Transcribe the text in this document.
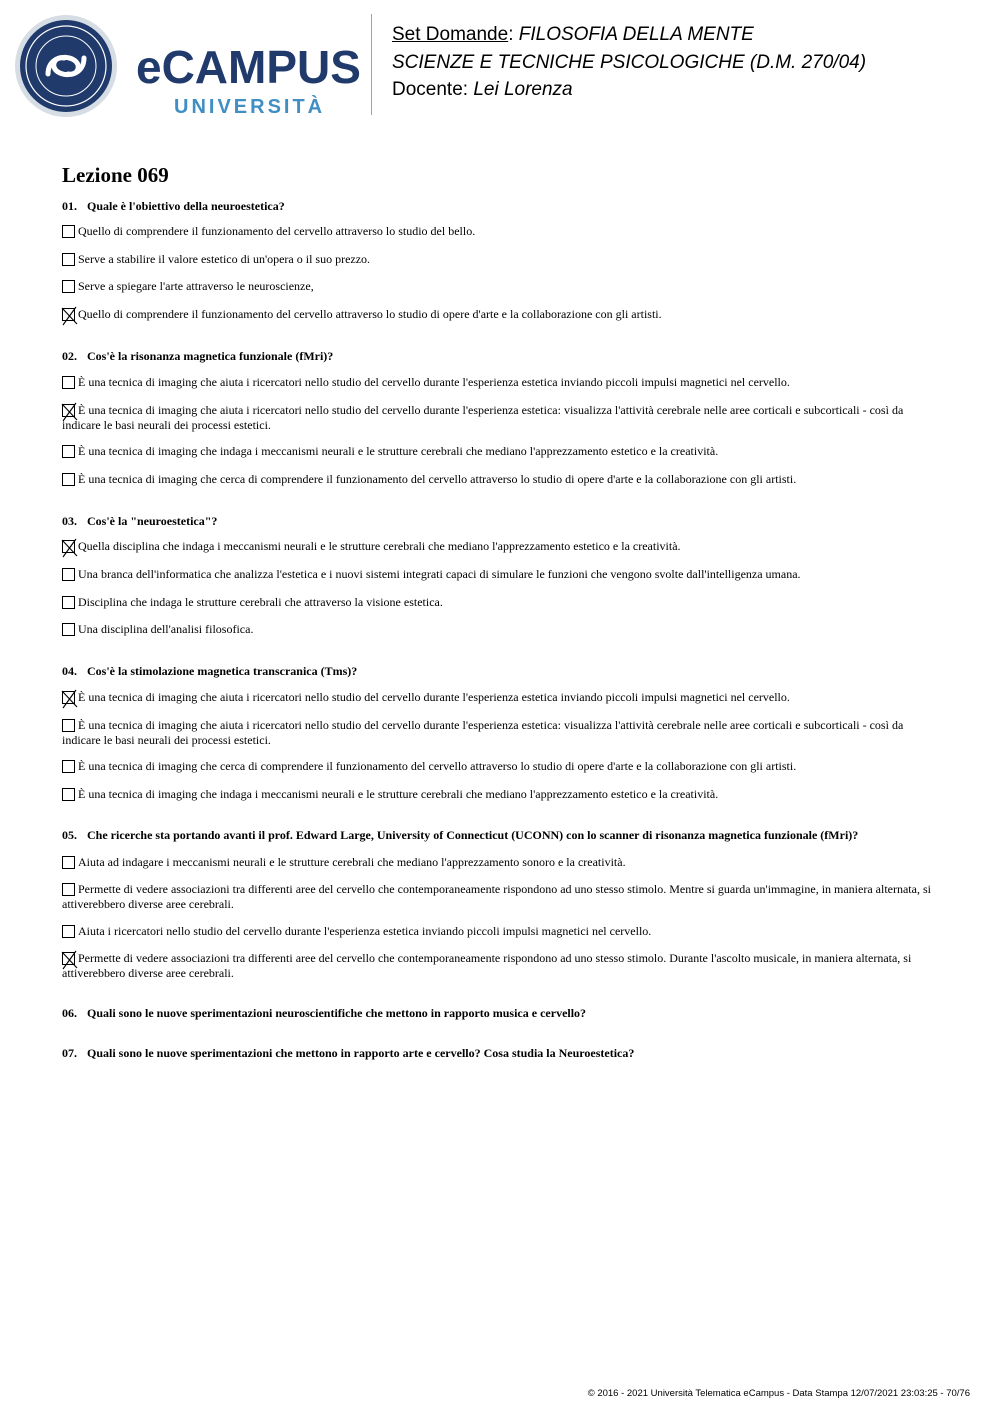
eCAMPUS
UNIVERSITÀ
Set Domande: FILOSOFIA DELLA MENTE
SCIENZE E TECNICHE PSICOLOGICHE (D.M. 270/04)
Docente: Lei Lorenza
Lezione 069
01. Quale è l'obiettivo della neuroestetica?
Quello di comprendere il funzionamento del cervello attraverso lo studio del bello.
Serve a stabilire il valore estetico di un'opera o il suo prezzo.
Serve a spiegare l'arte attraverso le neuroscienze,
Quello di comprendere il funzionamento del cervello attraverso lo studio di opere d'arte e la collaborazione con gli artisti.
02. Cos'è la risonanza magnetica funzionale (fMri)?
È una tecnica di imaging che aiuta i ricercatori nello studio del cervello durante l'esperienza estetica inviando piccoli impulsi magnetici nel cervello.
È una tecnica di imaging che aiuta i ricercatori nello studio del cervello durante l'esperienza estetica: visualizza l'attività cerebrale nelle aree corticali e subcorticali - così da indicare le basi neurali dei processi estetici.
È una tecnica di imaging che indaga i meccanismi neurali e le strutture cerebrali che mediano l'apprezzamento estetico e la creatività.
È una tecnica di imaging che cerca di comprendere il funzionamento del cervello attraverso lo studio di opere d'arte e la collaborazione con gli artisti.
03. Cos'è la "neuroestetica"?
Quella disciplina che indaga i meccanismi neurali e le strutture cerebrali che mediano l'apprezzamento estetico e la creatività.
Una branca dell'informatica che analizza l'estetica e i nuovi sistemi integrati capaci di simulare le funzioni che vengono svolte dall'intelligenza umana.
Disciplina che indaga le strutture cerebrali che attraverso la visione estetica.
Una disciplina dell'analisi filosofica.
04. Cos'è la stimolazione magnetica transcranica (Tms)?
È una tecnica di imaging che aiuta i ricercatori nello studio del cervello durante l'esperienza estetica inviando piccoli impulsi magnetici nel cervello.
È una tecnica di imaging che aiuta i ricercatori nello studio del cervello durante l'esperienza estetica: visualizza l'attività cerebrale nelle aree corticali e subcorticali - così da indicare le basi neurali dei processi estetici.
È una tecnica di imaging che cerca di comprendere il funzionamento del cervello attraverso lo studio di opere d'arte e la collaborazione con gli artisti.
È una tecnica di imaging che indaga i meccanismi neurali e le strutture cerebrali che mediano l'apprezzamento estetico e la creatività.
05. Che ricerche sta portando avanti il prof. Edward Large, University of Connecticut (UCONN) con lo scanner di risonanza magnetica funzionale (fMri)?
Aiuta ad indagare i meccanismi neurali e le strutture cerebrali che mediano l'apprezzamento sonoro e la creatività.
Permette di vedere associazioni tra differenti aree del cervello che contemporaneamente rispondono ad uno stesso stimolo. Mentre si guarda un'immagine, in maniera alternata, si attiverebbero diverse aree cerebrali.
Aiuta i ricercatori nello studio del cervello durante l'esperienza estetica inviando piccoli impulsi magnetici nel cervello.
Permette di vedere associazioni tra differenti aree del cervello che contemporaneamente rispondono ad uno stesso stimolo. Durante l'ascolto musicale, in maniera alternata, si attiverebbero diverse aree cerebrali.
06. Quali sono le nuove sperimentazioni neuroscientifiche che mettono in rapporto musica e cervello?
07. Quali sono le nuove sperimentazioni che mettono in rapporto arte e cervello? Cosa studia la Neuroestetica?
© 2016 - 2021 Università Telematica eCampus - Data Stampa 12/07/2021 23:03:25 - 70/76
